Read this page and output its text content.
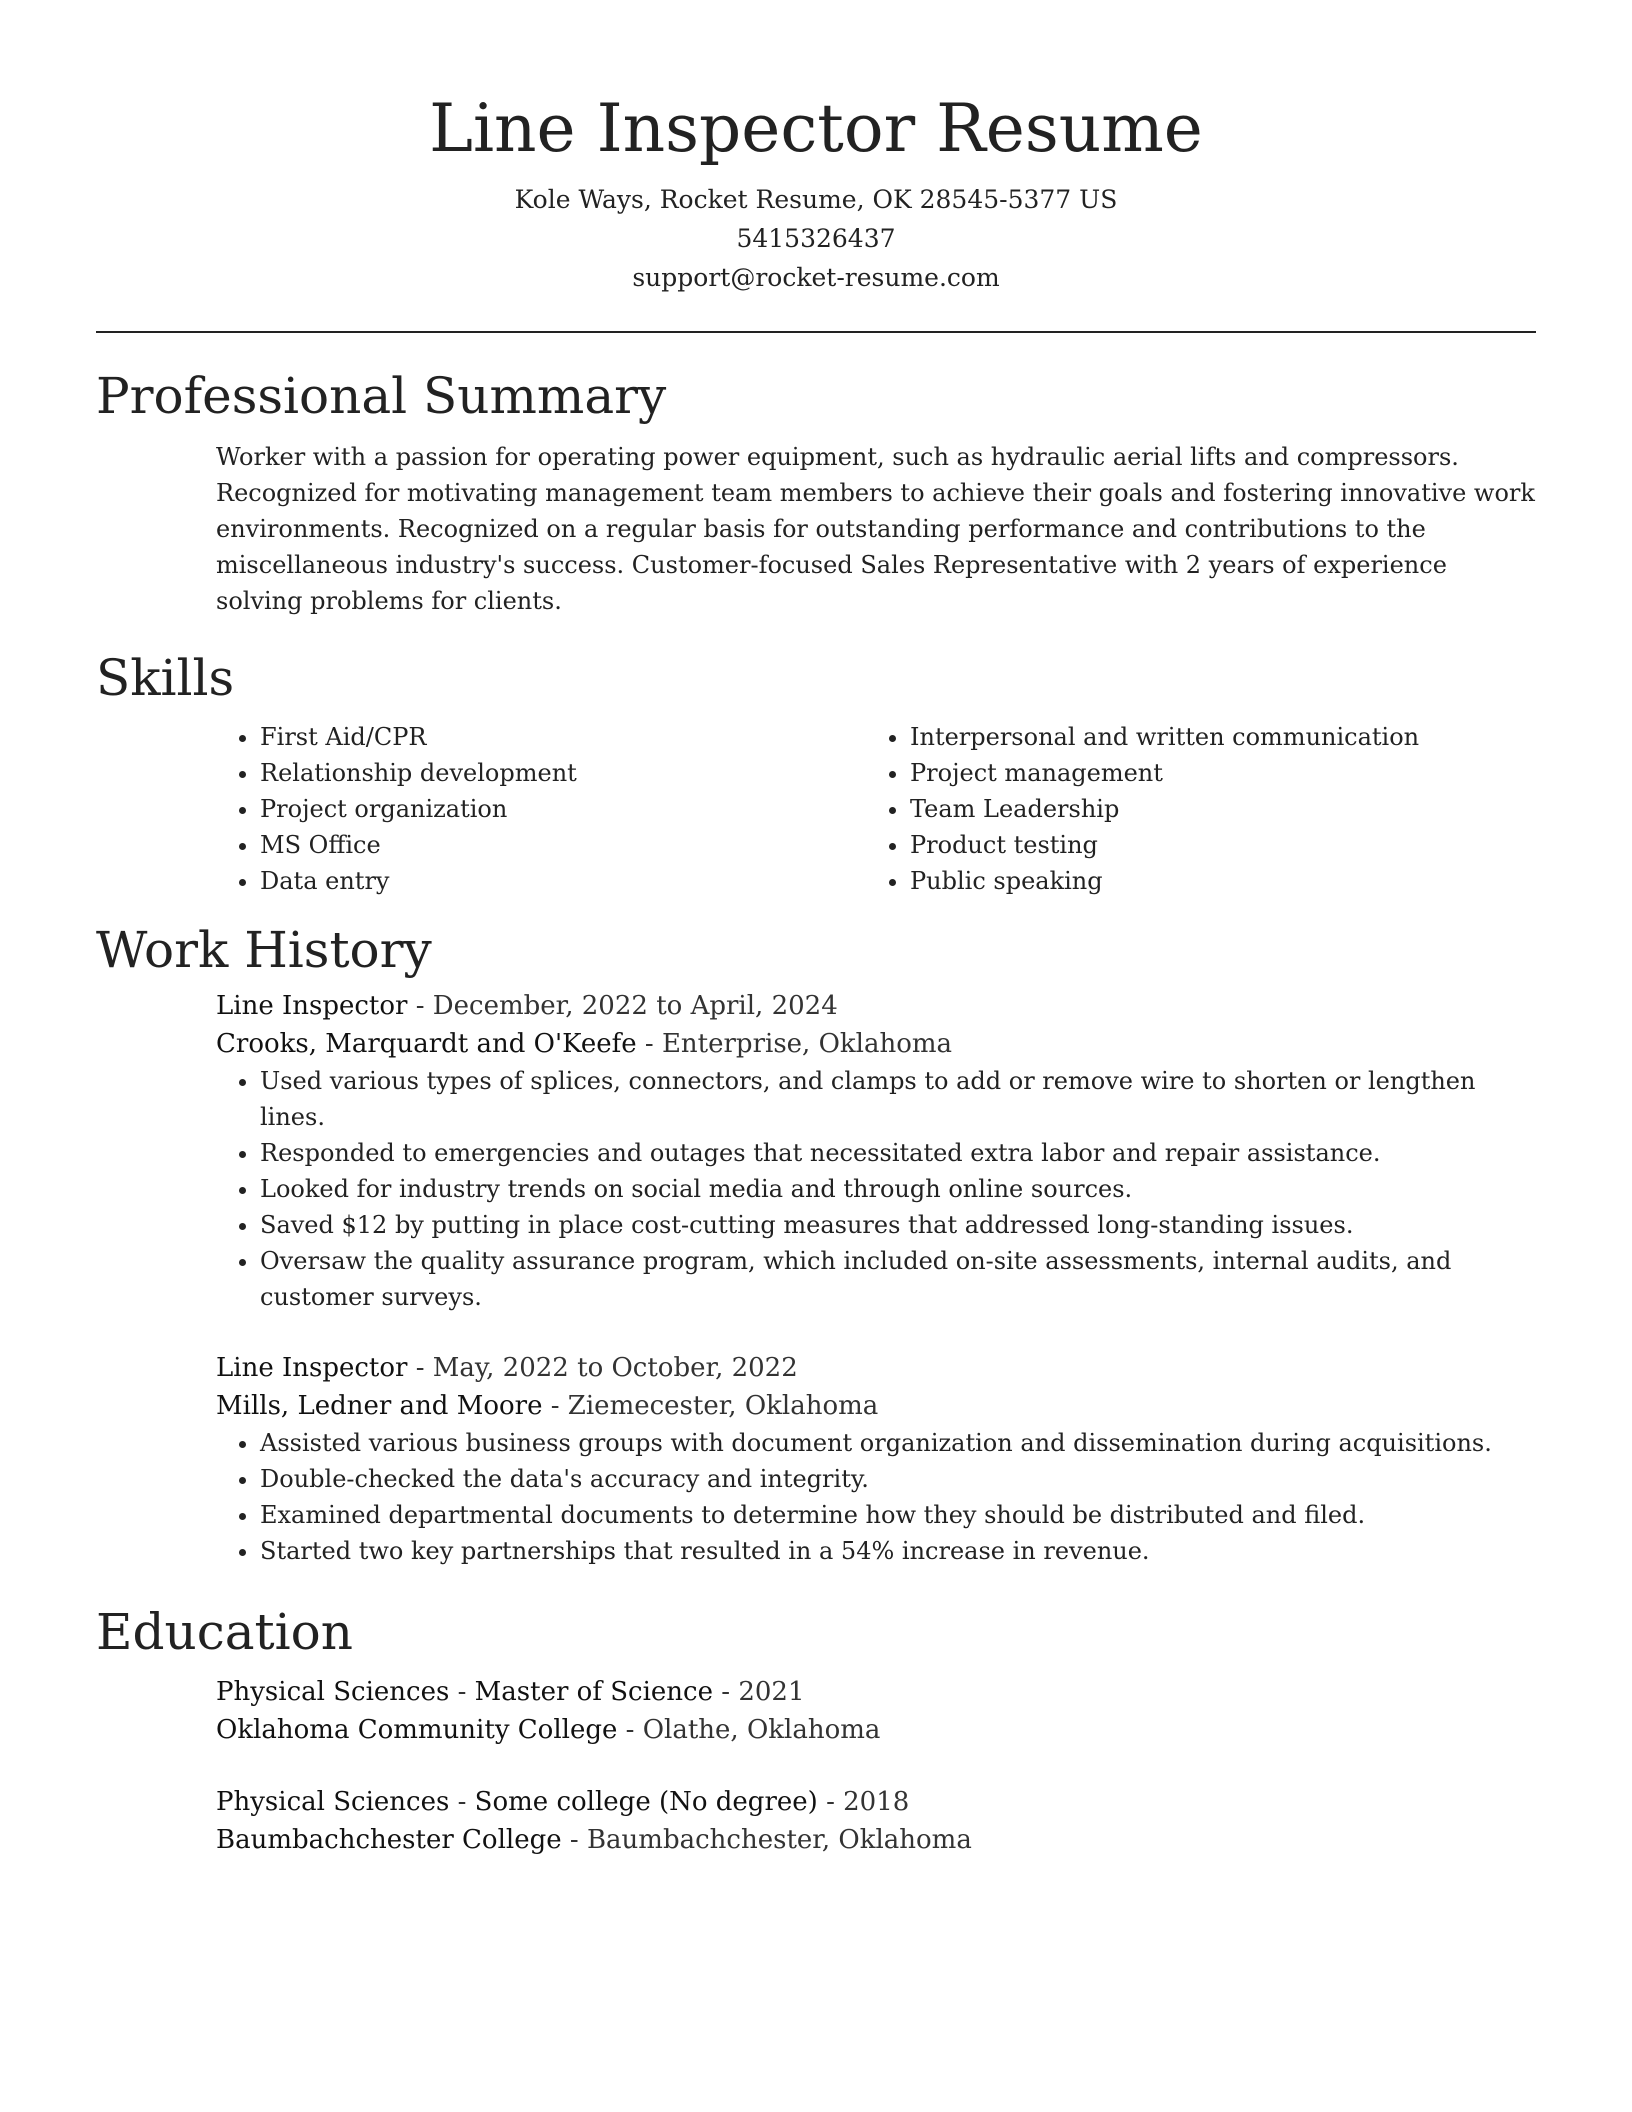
Line Inspector Resume

Kole Ways, Rocket Resume, OK 28545-5377 US

5415326437

support@rocket-resume.com

Professional Summary

Worker with a passion for operating power equipment, such as hydraulic aerial lifts and compressors. Recognized for motivating management team members to achieve their goals and fostering innovative work environments. Recognized on a regular basis for outstanding performance and contributions to the miscellaneous industry's success. Customer-focused Sales Representative with 2 years of experience solving problems for clients.

Skills
• First Aid/CPR
• Relationship development
• Project organization
• MS Office
• Data entry
• Interpersonal and written communication
• Project management
• Team Leadership
• Product testing
• Public speaking
Work History

Line Inspector - December, 2022 to April, 2024

Crooks, Marquardt and O'Keefe - Enterprise, Oklahoma

• Used various types of splices, connectors, and clamps to add or remove wire to shorten or lengthen lines.
• Responded to emergencies and outages that necessitated extra labor and repair assistance.
• Looked for industry trends on social media and through online sources.
• Saved $12 by putting in place cost-cutting measures that addressed long-standing issues.
• Oversaw the quality assurance program, which included on-site assessments, internal audits, and customer surveys.

Line Inspector - May, 2022 to October, 2022

Mills, Ledner and Moore - Ziemecester, Oklahoma

• Assisted various business groups with document organization and dissemination during acquisitions.
• Double-checked the data's accuracy and integrity.
• Examined departmental documents to determine how they should be distributed and filed.
• Started two key partnerships that resulted in a 54% increase in revenue.
Education

Physical Sciences - Master of Science - 2021

Oklahoma Community College - Olathe, Oklahoma

Physical Sciences - Some college (No degree) - 2018

Baumbachchester College - Baumbachchester, Oklahoma
